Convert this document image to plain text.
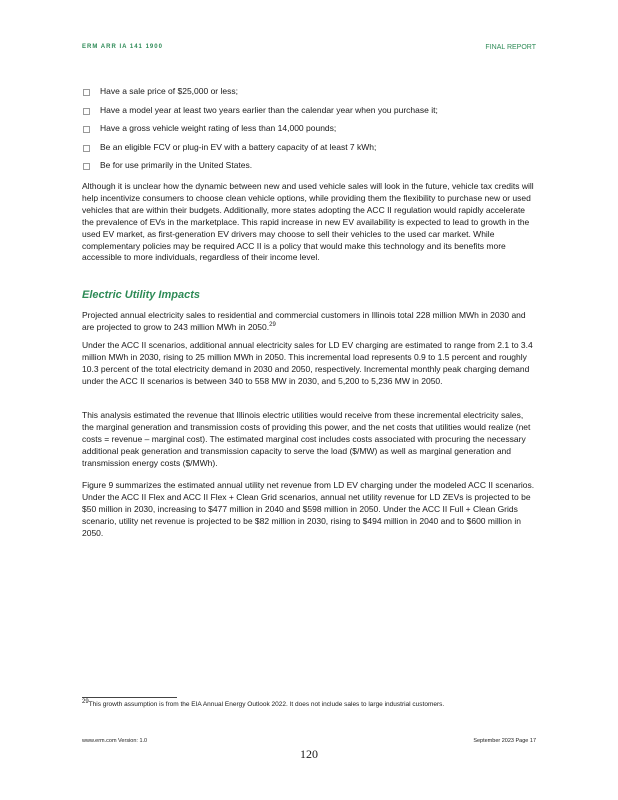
ERM ARR IA 141 1900	FINAL REPORT
Have a sale price of $25,000 or less;
Have a model year at least two years earlier than the calendar year when you purchase it;
Have a gross vehicle weight rating of less than 14,000 pounds;
Be an eligible FCV or plug-in EV with a battery capacity of at least 7 kWh;
Be for use primarily in the United States.

Although it is unclear how the dynamic between new and used vehicle sales will look in the future, vehicle tax credits will help incentivize consumers to choose clean vehicle options, while providing them the flexibility to purchase new or used vehicles that are within their budgets. Additionally, more states adopting the ACC II regulation would rapidly accelerate the prevalence of EVs in the marketplace. This rapid increase in new EV availability is expected to lead to growth in the used EV market, as first-generation EV drivers may choose to sell their vehicles to the used car market. While complementary policies may be required ACC II is a policy that would make this technology and its benefits more accessible to more individuals, regardless of their income level.

Electric Utility Impacts

Projected annual electricity sales to residential and commercial customers in Illinois total 228 million MWh in 2030 and are projected to grow to 243 million MWh in 2050.29

Under the ACC II scenarios, additional annual electricity sales for LD EV charging are estimated to range from 2.1 to 3.4 million MWh in 2030, rising to 25 million MWh in 2050. This incremental load represents 0.9 to 1.5 percent and roughly 10.3 percent of the total electricity demand in 2030 and 2050, respectively. Incremental monthly peak charging demand under the ACC II scenarios is between 340 to 558 MW in 2030, and 5,200 to 5,236 MW in 2050.

This analysis estimated the revenue that Illinois electric utilities would receive from these incremental electricity sales, the marginal generation and transmission costs of providing this power, and the net costs that utilities would realize (net costs = revenue – marginal cost). The estimated marginal cost includes costs associated with procuring the necessary additional peak generation and transmission capacity to serve the load ($/MW) as well as marginal generation and transmission energy costs ($/MWh).

Figure 9 summarizes the estimated annual utility net revenue from LD EV charging under the modeled ACC II scenarios. Under the ACC II Flex and ACC II Flex + Clean Grid scenarios, annual net utility revenue for LD ZEVs is projected to be $50 million in 2030, increasing to $477 million in 2040 and $598 million in 2050. Under the ACC II Full + Clean Grids scenario, utility net revenue is projected to be $82 million in 2030, rising to $494 million in 2040 and to $600 million in 2050.

$^{29}$This growth assumption is from the EIA Annual Energy Outlook 2022. It does not include sales to large industrial customers.

www.erm.com Version: 1.0	September 2023 Page 17
120
